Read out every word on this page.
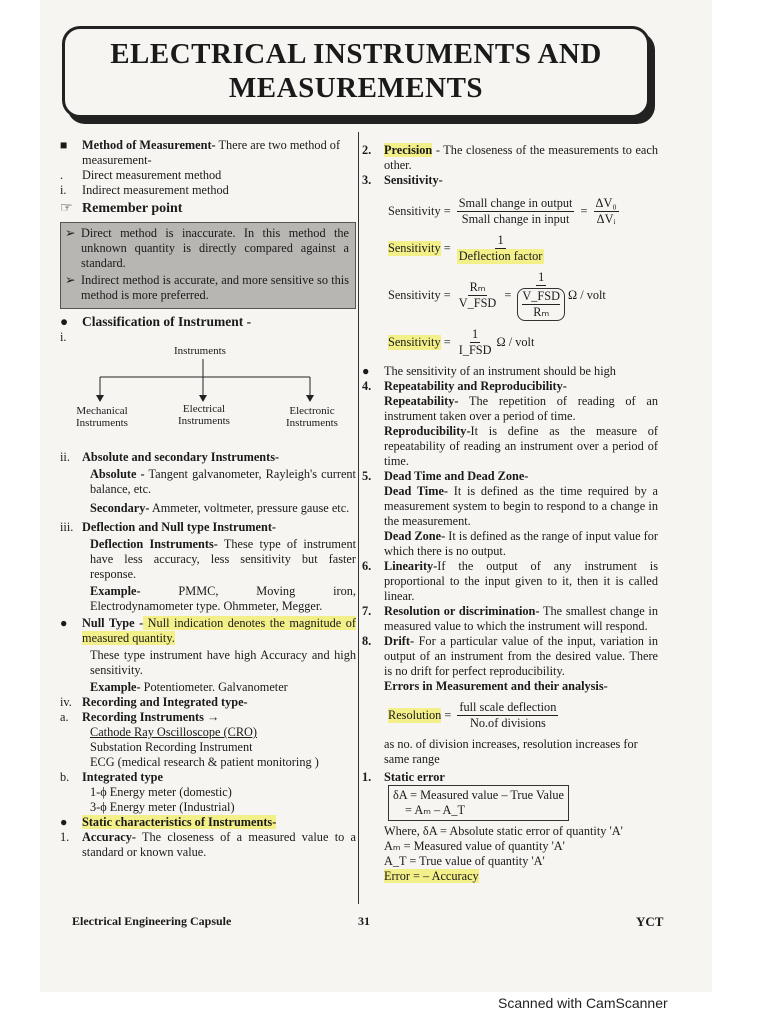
ELECTRICAL INSTRUMENTS AND
MEASUREMENTS
■	Method of Measurement- There are two method of measurement-
.	Direct measurement method
i.	Indirect measurement method
☞ Remember point
➢ Direct method is inaccurate. In this method the unknown quantity is directly compared against a standard.
➢ Indirect method is accurate, and more sensitive so this method is more preferred.
●	Classification of Instrument -
i.
Instruments
Mechanical Instruments
Electrical Instruments
Electronic Instruments
ii. Absolute and secondary Instruments-
Absolute - Tangent galvanometer, Rayleigh's current balance, etc.
Secondary- Ammeter, voltmeter, pressure gause etc.
iii. Deflection and Null type Instrument-
Deflection Instruments- These type of instrument have less accuracy, less sensitivity but faster response.
Example- PMMC, Moving iron, Electrodynamometer type. Ohmmeter, Megger.
●	Null Type - Null indication denotes the magnitude of measured quantity.
These type instrument have high Accuracy and high sensitivity.
Example- Potentiometer. Galvanometer
iv. Recording and Integrated type-
a.	Recording Instruments →
Cathode Ray Oscilloscope (CRO)
Substation Recording Instrument
ECG (medical research & patient monitoring )
b.	Integrated type
1-ϕ Energy meter (domestic)
3-ϕ Energy meter (Industrial)
●	Static characteristics of Instruments-
1.	Accuracy- The closeness of a measured value to a standard or known value.
2.	Precision - The closeness of the measurements to each other.
3.	Sensitivity-
Sensitivity = $\frac{\text{Small change in output}}{\text{Small change in input}} = \frac{\text{ΔV₀}}{\text{ΔVᵢ}}$
Sensitivity = $\frac{1}{\text{Deflection factor}}$
Sensitivity = $\frac{\text{Rₘ}}{\text{V\_FSD}} = 1$
V_FSD
Rₘ Ω / volt
Sensitivity = $\frac{1}{\text{I\_FSD}}$ Ω / volt
●	The sensitivity of an instrument should be high
4.	Repeatability and Reproducibility-
Repeatability- The repetition of reading of an instrument taken over a period of time.
Reproducibility-It is define as the measure of repeatability of reading an instrument over a period of time.
5.	Dead Time and Dead Zone-
Dead Time- It is defined as the time required by a measurement system to begin to respond to a change in the measurement.
Dead Zone- It is defined as the range of input value for which there is no output.
6.	Linearity-If the output of any instrument is proportional to the input given to it, then it is called linear.
7.	Resolution or discrimination- The smallest change in measured value to which the instrument will respond.
8.	Drift- For a particular value of the input, variation in output of an instrument from the desired value. There is no drift for perfect reproducibility.
Errors in Measurement and their analysis-
Resolution = $\frac{\text{full scale deflection}}{\text{No.of divisions}}$
as no. of division increases, resolution increases for same range
1.	Static error
δA = Measured value – True Value
= Aₘ – A_T
Where, δA = Absolute static error of quantity 'A'
Aₘ = Measured value of quantity 'A'
A_T = True value of quantity 'A'
Error = – Accuracy
Electrical Engineering Capsule	31	YCT
Scanned with CamScanner
